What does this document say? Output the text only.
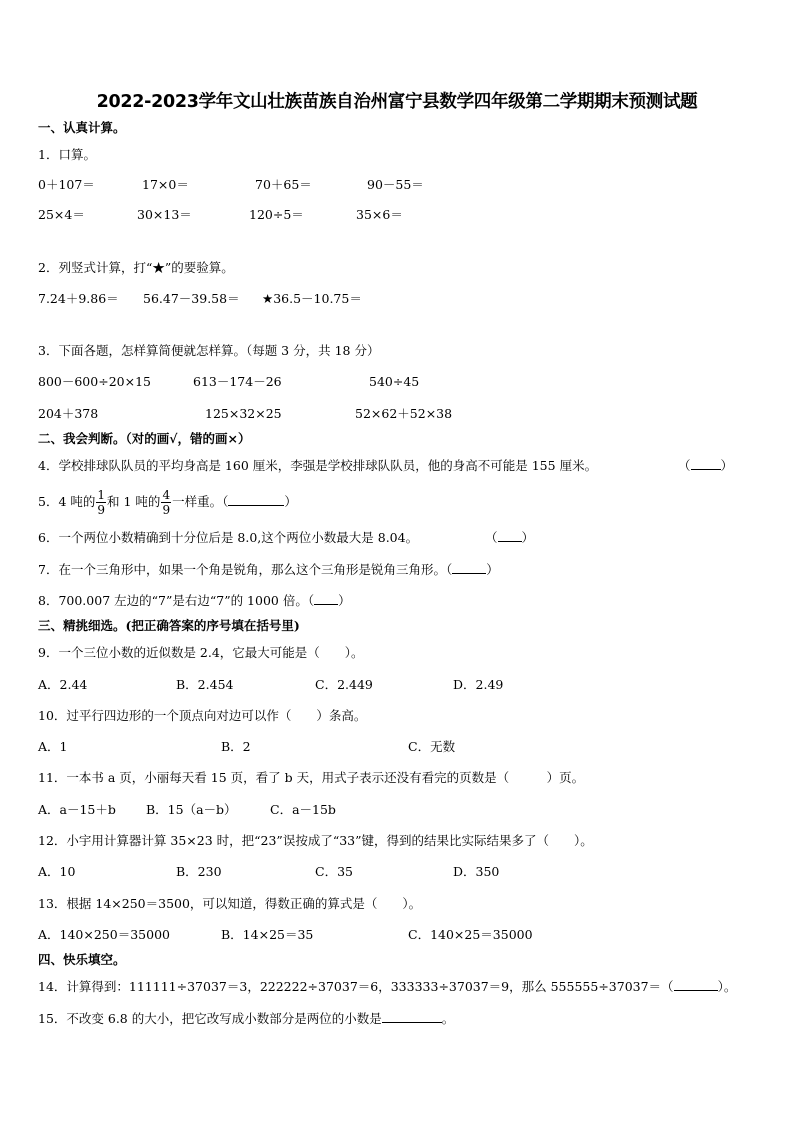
2022-2023学年文山壮族苗族自治州富宁县数学四年级第二学期期末预测试题
一、认真计算。
1．口算。
0＋107＝	17×0＝	70＋65＝	90－55＝
25×4＝	30×13＝	120÷5＝	35×6＝
2．列竖式计算，打“★”的要验算。
7.24＋9.86＝ 56.47－39.58＝ ★36.5－10.75＝
3．下面各题，怎样算简便就怎样算。（每题 3 分，共 18 分）
800－600÷20×15	613－174－26	540÷45
204＋378	125×32×25	52×62＋52×38
二、我会判断。（对的画√，错的画×）
4．学校排球队队员的平均身高是 160 厘米，李强是学校排球队队员，他的身高不可能是 155 厘米。	（ ）
5．4 吨的 $\frac{1}{9}$ 和 1 吨的 $\frac{4}{9}$ 一样重。（	）
6．一个两位小数精确到十分位后是 8.0,这个两位小数最大是 8.04。	（ ）
7．在一个三角形中，如果一个角是锐角，那么这个三角形是锐角三角形。（	）
8．700.007 左边的“7”是右边“7”的 1000 倍。（ ）
三、精挑细选。(把正确答案的序号填在括号里)
9．一个三位小数的近似数是 2.4，它最大可能是（　　）。
A．2.44	B．2.454	C．2.449	D．2.49
10．过平行四边形的一个顶点向对边可以作（　　）条高。
A．1	B．2	C．无数
11．一本书 a 页，小丽每天看 15 页，看了 b 天，用式子表示还没有看完的页数是（　　　）页。
A．a－15＋b B．15（a－b）	C．a－15b
12．小宇用计算器计算 35×23 时，把“23”误按成了“33”键，得到的结果比实际结果多了（　　）。
A．10	B．230	C．35	D．350
13．根据 14×250＝3500，可以知道，得数正确的算式是（　　）。
A．140×250＝35000	B．14×25＝35	C．140×25＝35000
四、快乐填空。
14．计算得到：111111÷37037＝3，222222÷37037＝6，333333÷37037＝9，那么 555555÷37037＝（	）。
15．不改变 6.8 的大小，把它改写成小数部分是两位的小数是	。
